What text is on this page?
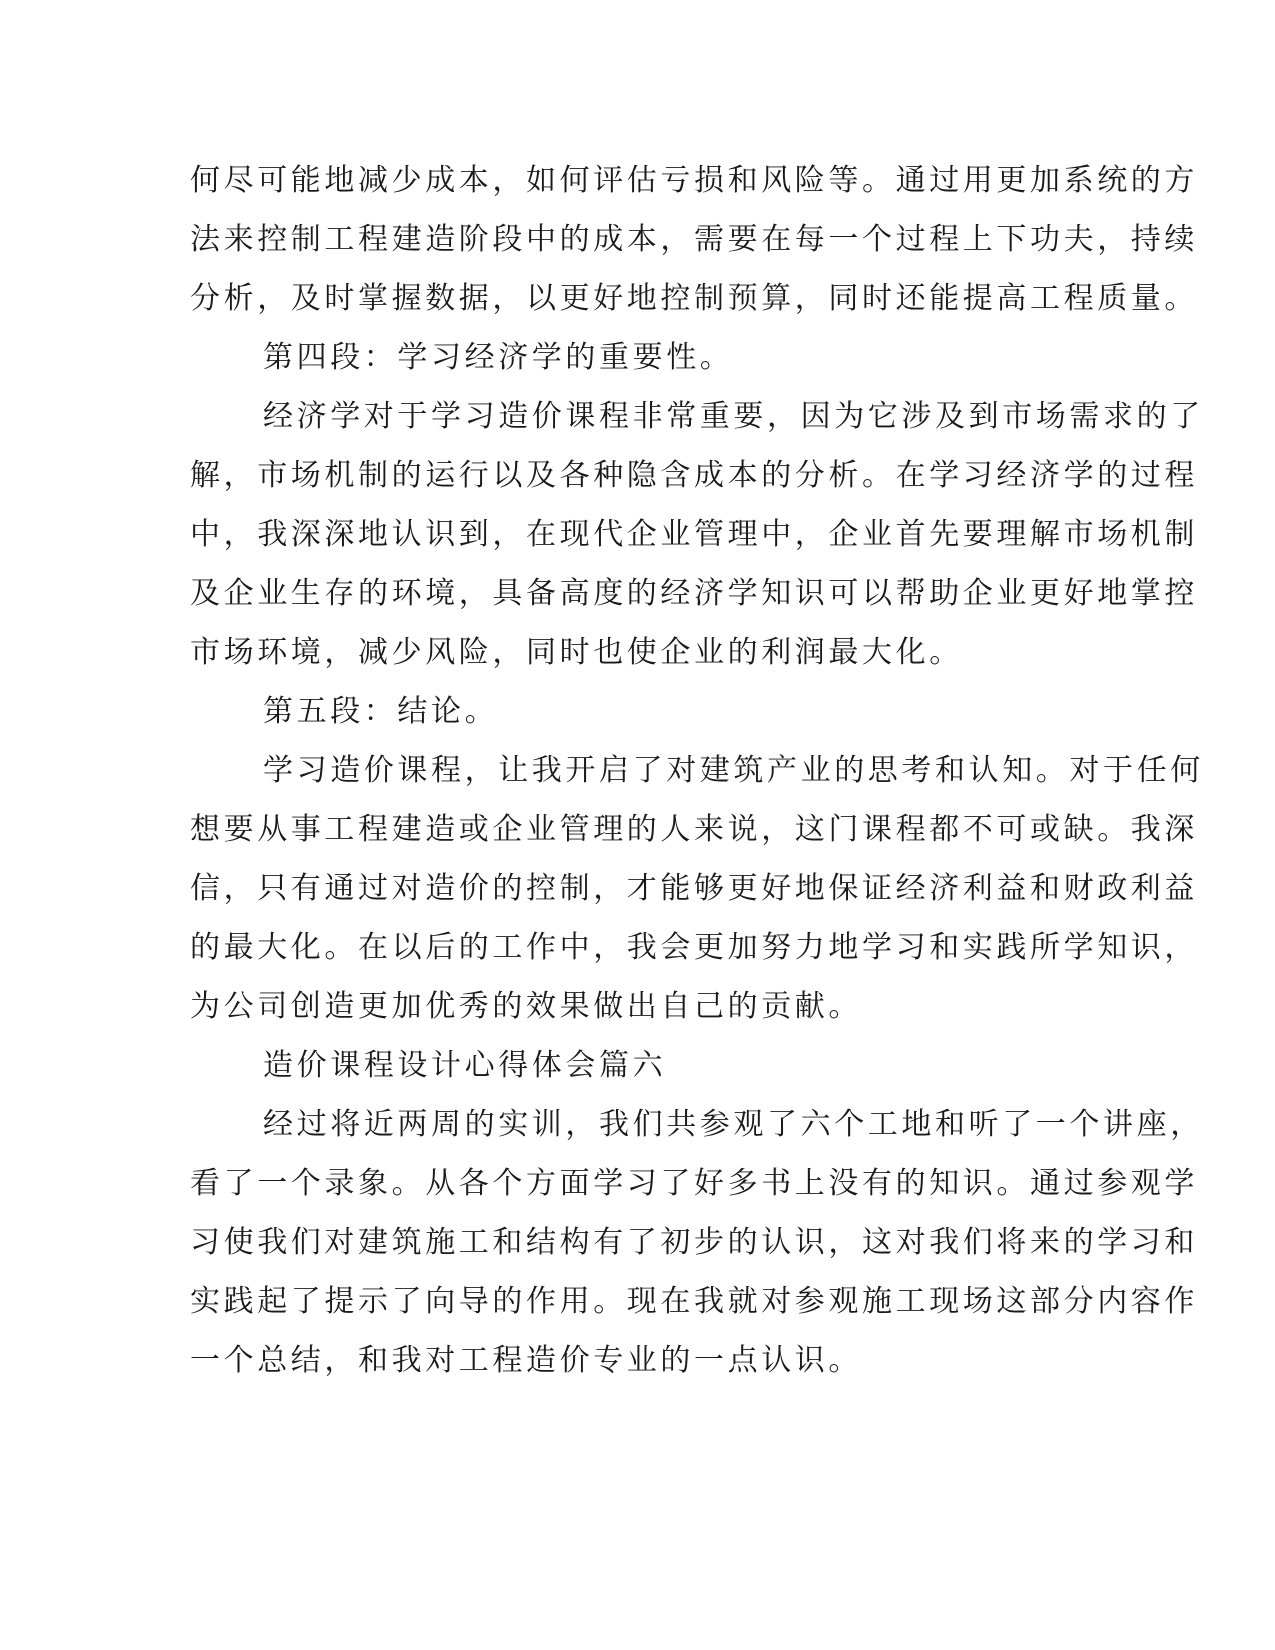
何尽可能地减少成本，如何评估亏损和风险等。通过用更加系统的方

法来控制工程建造阶段中的成本，需要在每一个过程上下功夫，持续

分析，及时掌握数据，以更好地控制预算，同时还能提高工程质量。

第四段：学习经济学的重要性。

经济学对于学习造价课程非常重要，因为它涉及到市场需求的了

解，市场机制的运行以及各种隐含成本的分析。在学习经济学的过程

中，我深深地认识到，在现代企业管理中，企业首先要理解市场机制

及企业生存的环境，具备高度的经济学知识可以帮助企业更好地掌控

市场环境，减少风险，同时也使企业的利润最大化。

第五段：结论。

学习造价课程，让我开启了对建筑产业的思考和认知。对于任何

想要从事工程建造或企业管理的人来说，这门课程都不可或缺。我深

信，只有通过对造价的控制，才能够更好地保证经济利益和财政利益

的最大化。在以后的工作中，我会更加努力地学习和实践所学知识，

为公司创造更加优秀的效果做出自己的贡献。

造价课程设计心得体会篇六

经过将近两周的实训，我们共参观了六个工地和听了一个讲座，

看了一个录象。从各个方面学习了好多书上没有的知识。通过参观学

习使我们对建筑施工和结构有了初步的认识，这对我们将来的学习和

实践起了提示了向导的作用。现在我就对参观施工现场这部分内容作

一个总结，和我对工程造价专业的一点认识。
